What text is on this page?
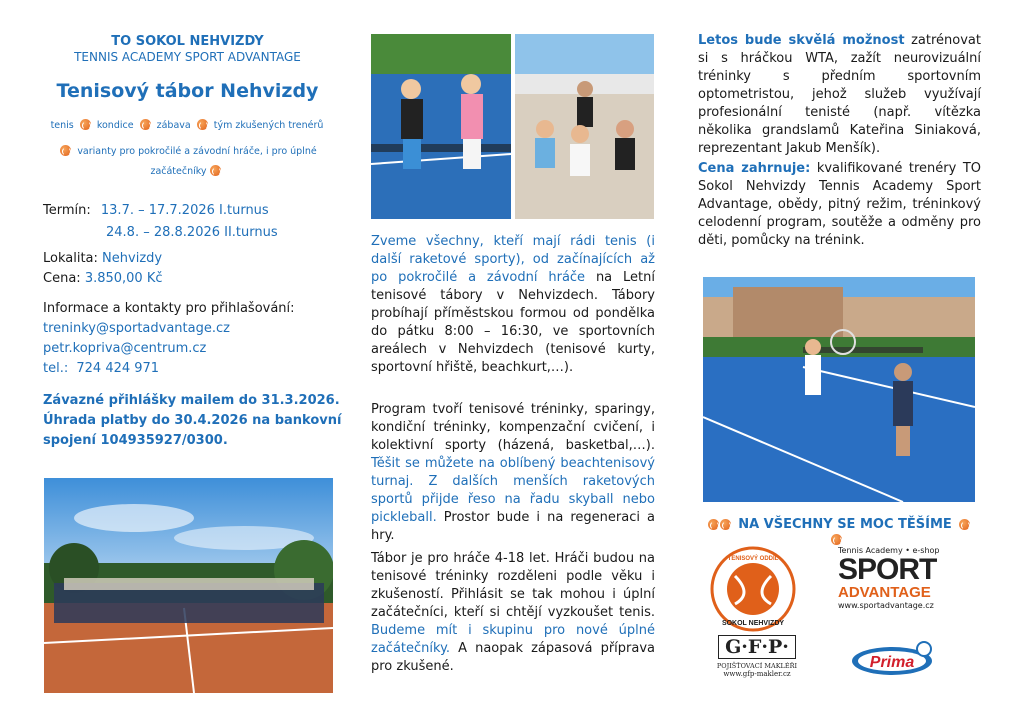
TO SOKOL NEHVIZDY
TENNIS ACADEMY SPORT ADVANTAGE
Tenisový tábor Nehvizdy
tenis kondice zábava tým zkušených trenérů
varianty pro pokročilé a závodní hráče, i pro úplné
začátečníky
Termín: 13.7. – 17.7.2026 I.turnus
24.8. – 28.8.2026 II.turnus
Lokalita: Nehvizdy
Cena: 3.850,00 Kč
Informace a kontakty pro přihlašování:
treninky@sportadvantage.cz
petr.kopriva@centrum.cz
tel.: 724 424 971
Závazné přihlášky mailem do 31.3.2026.
Úhrada platby do 30.4.2026 na bankovní
spojení 104935927/0300.
Zveme všechny, kteří mají rádi tenis (i další raketové sporty), od začínajících až po pokročilé a závodní hráče na Letní tenisové tábory v Nehvizdech. Tábory probíhají příměstskou formou od pondělka do pátku 8:00 – 16:30, ve sportovních areálech v Nehvizdech (tenisové kurty, sportovní hřiště, beachkurt,…).
Program tvoří tenisové tréninky, sparingy, kondiční tréninky, kompenzační cvičení, i kolektivní sporty (házená, basketbal,…). Těšit se můžete na oblíbený beachtenisový turnaj. Z dalších menších raketových sportů přijde řeso na řadu skyball nebo pickleball. Prostor bude i na regeneraci a hry.
Tábor je pro hráče 4-18 let. Hráči budou na tenisové tréninky rozděleni podle věku i zkušeností. Přihlásit se tak mohou i úplní začátečníci, kteří si chtějí vyzkoušet tenis. Budeme mít i skupinu pro nové úplné začátečníky. A naopak zápasová příprava pro zkušené.
Letos bude skvělá možnost zatrénovat si s hráčkou WTA, zažít neurovizuální tréninky s předním sportovním optometristou, jehož služeb využívají profesionální tenisté (např. vítězka několika grandslamů Kateřina Siniaková, reprezentant Jakub Menšík).
Cena zahrnuje: kvalifikované trenéry TO Sokol Nehvizdy Tennis Academy Sport Advantage, obědy, pitný režim, tréninkový celodenní program, soutěže a odměny pro děti, pomůcky na trénink.
NA VŠECHNY SE MOC TĚŠÍME
TENISOVÝ ODDÍL
SOKOL NEHVIZDY
Tennis Academy • e-shop
SPORT
ADVANTAGE
www.sportadvantage.cz
G·F·P·
POJIŠŤOVACÍ MAKLÉŘI
www.gfp-makler.cz
Prima
